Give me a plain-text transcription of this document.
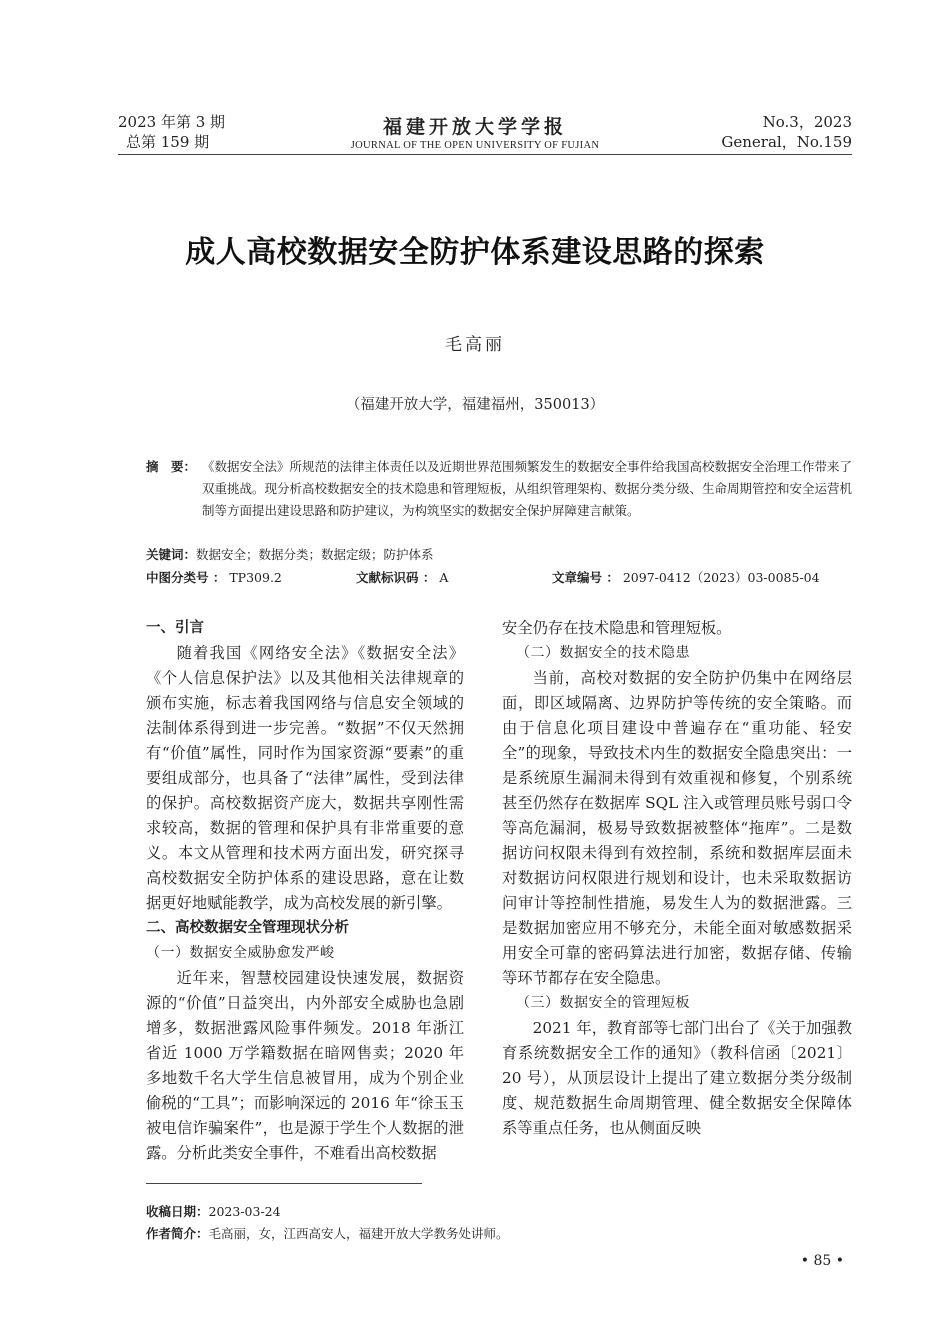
2023 年第 3 期
总第 159 期
福建开放大学学报
JOURNAL OF THE OPEN UNIVERSITY OF FUJIAN
No.3，2023
General，No.159
成人高校数据安全防护体系建设思路的探索
毛高丽
（福建开放大学，福建福州，350013）
摘　要： 《数据安全法》所规范的法律主体责任以及近期世界范围频繁发生的数据安全事件给我国高校数据安全治理工作带来了双重挑战。现分析高校数据安全的技术隐患和管理短板，从组织管理架构、数据分类分级、生命周期管控和安全运营机制等方面提出建设思路和防护建议，为构筑坚实的数据安全保护屏障建言献策。
关键词：数据安全；数据分类；数据定级；防护体系
中图分类号 ： TP309.2	文献标识码 ： A	文章编号 ： 2097-0412（2023）03-0085-04
一、引言

随着我国《网络安全法》《数据安全法》《个人信息保护法》以及其他相关法律规章的颁布实施，标志着我国网络与信息安全领域的法制体系得到进一步完善。“数据”不仅天然拥有“价值”属性，同时作为国家资源“要素”的重要组成部分，也具备了“法律”属性，受到法律的保护。高校数据资产庞大，数据共享刚性需求较高，数据的管理和保护具有非常重要的意义。本文从管理和技术两方面出发，研究探寻高校数据安全防护体系的建设思路，意在让数据更好地赋能教学，成为高校发展的新引擎。

二、高校数据安全管理现状分析
（一）数据安全威胁愈发严峻

近年来，智慧校园建设快速发展，数据资源的“价值”日益突出，内外部安全威胁也急剧增多，数据泄露风险事件频发。2018 年浙江省近 1000 万学籍数据在暗网售卖；2020 年多地数千名大学生信息被冒用，成为个别企业偷税的“工具”；而影响深远的 2016 年“徐玉玉被电信诈骗案件”，也是源于学生个人数据的泄露。分析此类安全事件，不难看出高校数据

安全仍存在技术隐患和管理短板。

（二）数据安全的技术隐患

当前，高校对数据的安全防护仍集中在网络层面，即区域隔离、边界防护等传统的安全策略。而由于信息化项目建设中普遍存在“重功能、轻安全”的现象，导致技术内生的数据安全隐患突出：一是系统原生漏洞未得到有效重视和修复，个别系统甚至仍然存在数据库 SQL 注入或管理员账号弱口令等高危漏洞，极易导致数据被整体“拖库”。二是数据访问权限未得到有效控制，系统和数据库层面未对数据访问权限进行规划和设计，也未采取数据访问审计等控制性措施，易发生人为的数据泄露。三是数据加密应用不够充分，未能全面对敏感数据采用安全可靠的密码算法进行加密，数据存储、传输等环节都存在安全隐患。

（三）数据安全的管理短板

2021 年，教育部等七部门出台了《关于加强教育系统数据安全工作的通知》（教科信函〔2021〕20 号），从顶层设计上提出了建立数据分类分级制度、规范数据生命周期管理、健全数据安全保障体系等重点任务，也从侧面反映

收稿日期：2023-03-24
作者简介：毛高丽，女，江西高安人，福建开放大学教务处讲师。
• 85 •
